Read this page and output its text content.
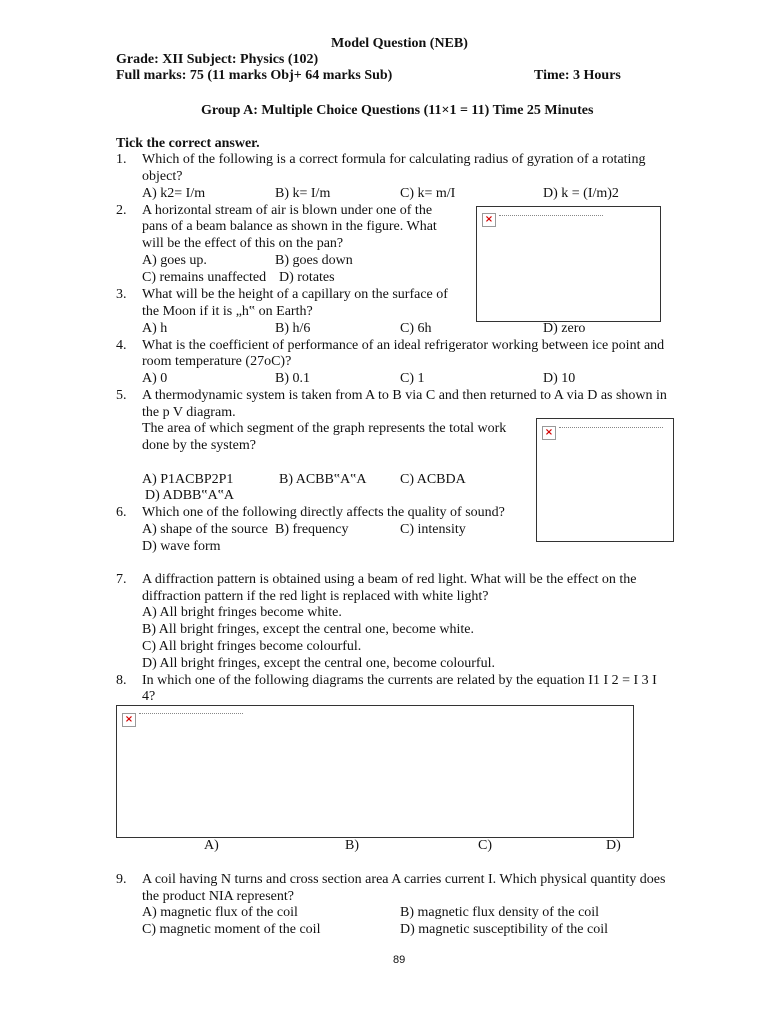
Model Question (NEB)
Grade: XII Subject: Physics (102)
Full marks: 75 (11 marks Obj+ 64 marks Sub)	Time: 3 Hours
Group A: Multiple Choice Questions (11×1 = 11) Time 25 Minutes
Tick the correct answer.
1. Which of the following is a correct formula for calculating radius of gyration of a rotating
object?
A) k2= I/m	B) k= I/m	C) k= m/I	D) k = (I/m)2
2. A horizontal stream of air is blown under one of the
pans of a beam balance as shown in the figure. What
will be the effect of this on the pan?
A) goes up.	B) goes down
C) remains unaffected D) rotates
×
3. What will be the height of a capillary on the surface of
the Moon if it is „h‟ on Earth?
A) h	B) h/6	C) 6h	D) zero
4. What is the coefficient of performance of an ideal refrigerator working between ice point and
room temperature (27oC)?
A) 0	B) 0.1	C) 1	D) 10
5. A thermodynamic system is taken from A to B via C and then returned to A via D as shown in
the p V diagram.
The area of which segment of the graph represents the total work
done by the system?
A) P1ACBP2P1	B) ACBB‟A‟A C) ACBDA
D) ADBB‟A‟A
×
6. Which one of the following directly affects the quality of sound?
A) shape of the source B) frequency	C) intensity
D) wave form
7. A diffraction pattern is obtained using a beam of red light. What will be the effect on the
diffraction pattern if the red light is replaced with white light?
A) All bright fringes become white.
B) All bright fringes, except the central one, become white.
C) All bright fringes become colourful.
D) All bright fringes, except the central one, become colourful.
8. In which one of the following diagrams the currents are related by the equation I1 I 2 = I 3 I
4?
×
A)	B)	C)	D)
9. A coil having N turns and cross section area A carries current I. Which physical quantity does
the product NIA represent?
A) magnetic flux of the coil	B) magnetic flux density of the coil
C) magnetic moment of the coil	D) magnetic susceptibility of the coil
89
